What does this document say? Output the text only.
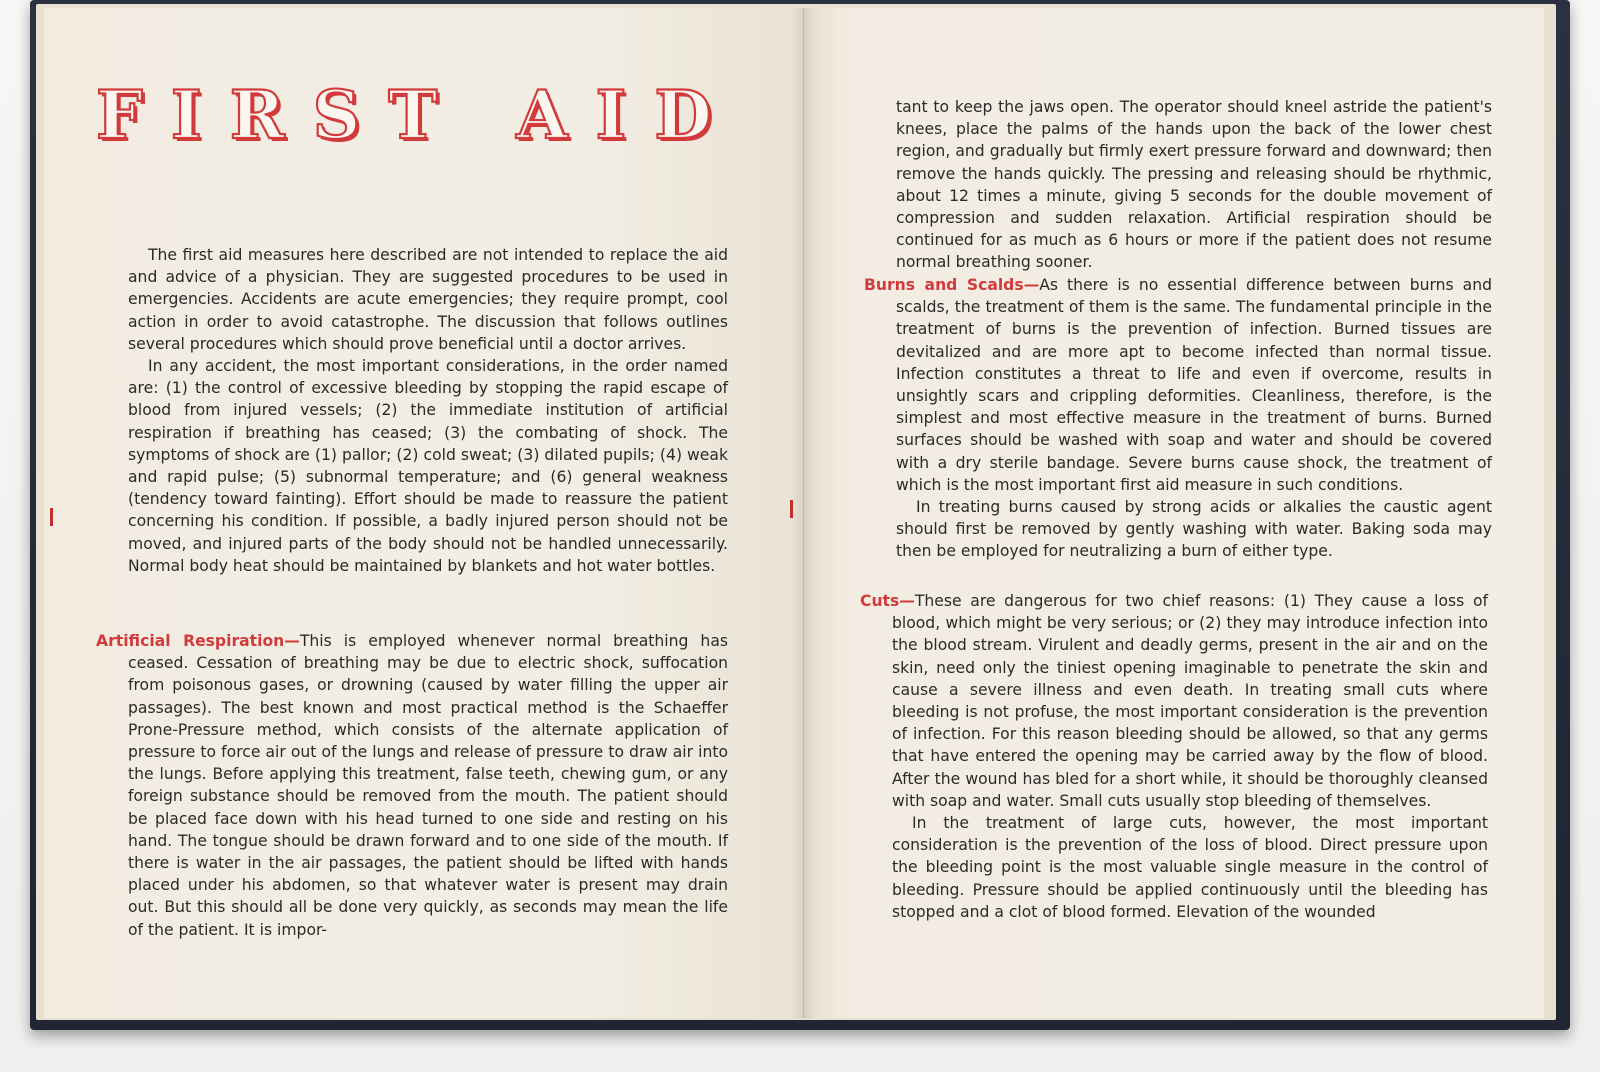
FIRST AID

The first aid measures here described are not intended to replace the aid and advice of a physician. They are suggested procedures to be used in emergencies. Accidents are acute emergencies; they require prompt, cool action in order to avoid catastrophe. The discussion that follows outlines several procedures which should prove beneficial until a doctor arrives.

In any accident, the most important considerations, in the order named are: (1) the control of excessive bleeding by stopping the rapid escape of blood from injured vessels; (2) the immediate institution of artificial respiration if breathing has ceased; (3) the combating of shock. The symptoms of shock are (1) pallor; (2) cold sweat; (3) dilated pupils; (4) weak and rapid pulse; (5) subnormal temperature; and (6) general weakness (tendency toward fainting). Effort should be made to reassure the patient concerning his condition. If possible, a badly injured person should not be moved, and injured parts of the body should not be handled unnecessarily. Normal body heat should be maintained by blankets and hot water bottles.

Artificial Respiration—This is employed whenever normal breathing has ceased. Cessation of breathing may be due to electric shock, suffocation from poisonous gases, or drowning (caused by water filling the upper air passages). The best known and most practical method is the Schaeffer Prone-Pressure method, which consists of the alternate application of pressure to force air out of the lungs and release of pressure to draw air into the lungs. Before applying this treatment, false teeth, chewing gum, or any foreign substance should be removed from the mouth. The patient should be placed face down with his head turned to one side and resting on his hand. The tongue should be drawn forward and to one side of the mouth. If there is water in the air passages, the patient should be lifted with hands placed under his abdomen, so that whatever water is present may drain out. But this should all be done very quickly, as seconds may mean the life of the patient. It is impor-

tant to keep the jaws open. The operator should kneel astride the patient's knees, place the palms of the hands upon the back of the lower chest region, and gradually but firmly exert pressure forward and downward; then remove the hands quickly. The pressing and releasing should be rhythmic, about 12 times a minute, giving 5 seconds for the double movement of compression and sudden relaxation. Artificial respiration should be continued for as much as 6 hours or more if the patient does not resume normal breathing sooner.

Burns and Scalds—As there is no essential difference between burns and scalds, the treatment of them is the same. The fundamental principle in the treatment of burns is the prevention of infection. Burned tissues are devitalized and are more apt to become infected than normal tissue. Infection constitutes a threat to life and even if overcome, results in unsightly scars and crippling deformities. Cleanliness, therefore, is the simplest and most effective measure in the treatment of burns. Burned surfaces should be washed with soap and water and should be covered with a dry sterile bandage. Severe burns cause shock, the treatment of which is the most important first aid measure in such conditions.

In treating burns caused by strong acids or alkalies the caustic agent should first be removed by gently washing with water. Baking soda may then be employed for neutralizing a burn of either type.

Cuts—These are dangerous for two chief reasons: (1) They cause a loss of blood, which might be very serious; or (2) they may introduce infection into the blood stream. Virulent and deadly germs, present in the air and on the skin, need only the tiniest opening imaginable to penetrate the skin and cause a severe illness and even death. In treating small cuts where bleeding is not profuse, the most important consideration is the prevention of infection. For this reason bleeding should be allowed, so that any germs that have entered the opening may be carried away by the flow of blood. After the wound has bled for a short while, it should be thoroughly cleansed with soap and water. Small cuts usually stop bleeding of themselves.

In the treatment of large cuts, however, the most important consideration is the prevention of the loss of blood. Direct pressure upon the bleeding point is the most valuable single measure in the control of bleeding. Pressure should be applied continuously until the bleeding has stopped and a clot of blood formed. Elevation of the wounded
